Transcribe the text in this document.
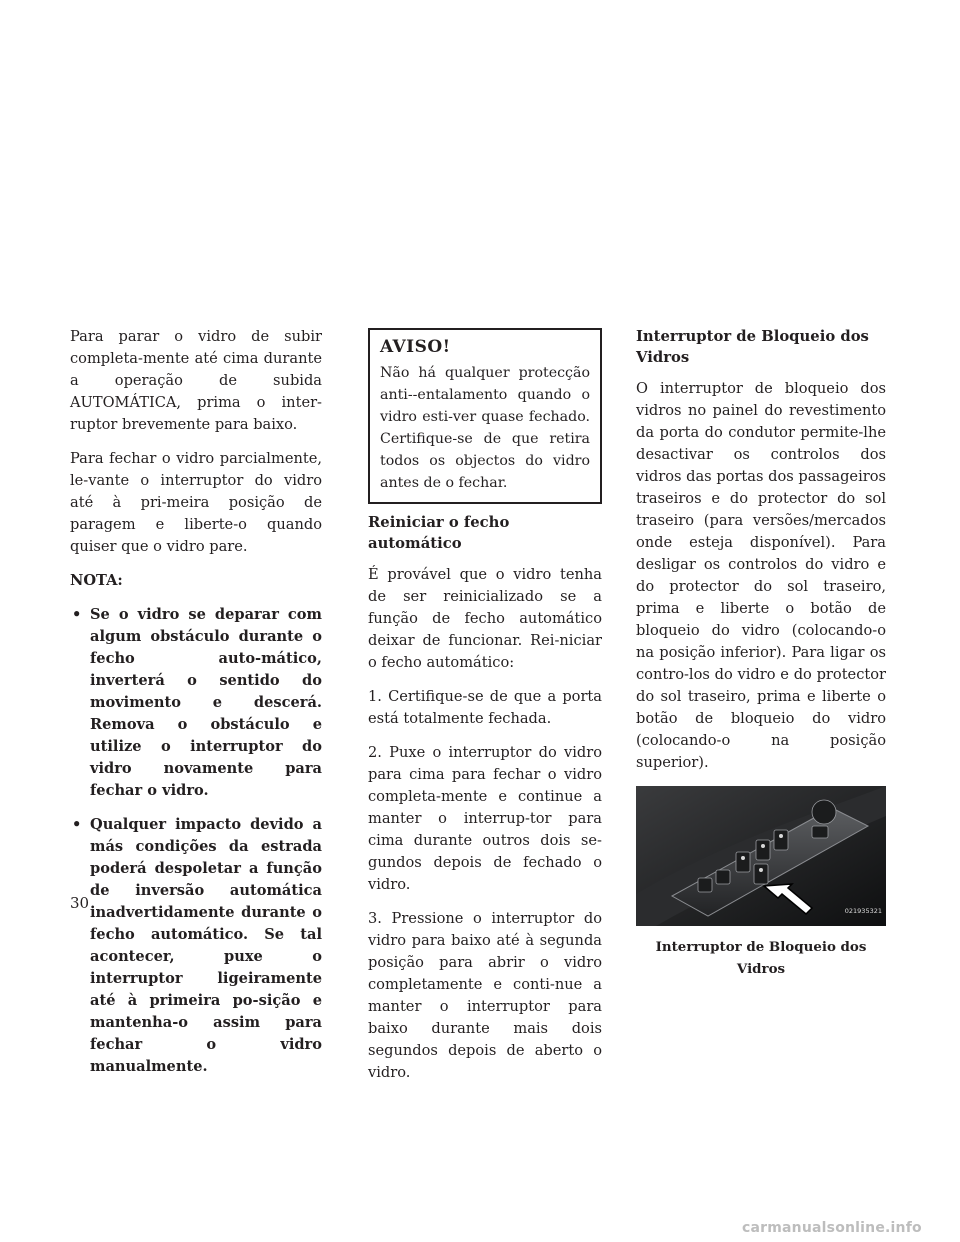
Para parar o vidro de subir completa-mente até cima durante a operação de subida AUTOMÁTICA, prima o inter-ruptor brevemente para baixo.

Para fechar o vidro parcialmente, le-vante o interruptor do vidro até à pri-meira posição de paragem e liberte-o quando quiser que o vidro pare.

NOTA:
• Se o vidro se deparar com algum obstáculo durante o fecho auto-mático, inverterá o sentido do movimento e descerá. Remova o obstáculo e utilize o interruptor do vidro novamente para fechar o vidro.
• Qualquer impacto devido a más condições da estrada poderá despoletar a função de inversão automática inadvertidamente durante o fecho automático. Se tal acontecer, puxe o interruptor ligeiramente até à primeira po-sição e mantenha-o assim para fechar o vidro manualmente.
AVISO!

Não há qualquer protecção anti--entalamento quando o vidro esti-ver quase fechado. Certifique-se de que retira todos os objectos do vidro antes de o fechar.

Reiniciar o fecho automático

É provável que o vidro tenha de ser reinicializado se a função de fecho automático deixar de funcionar. Rei-niciar o fecho automático:

1. Certifique-se de que a porta está totalmente fechada.

2. Puxe o interruptor do vidro para cima para fechar o vidro completa-mente e continue a manter o interrup-tor para cima durante outros dois se-gundos depois de fechado o vidro.

3. Pressione o interruptor do vidro para baixo até à segunda posição para abrir o vidro completamente e conti-nue a manter o interruptor para baixo durante mais dois segundos depois de aberto o vidro.

Interruptor de Bloqueio dos Vidros

O interruptor de bloqueio dos vidros no painel do revestimento da porta do condutor permite-lhe desactivar os controlos dos vidros das portas dos passageiros traseiros e do protector do sol traseiro (para versões/mercados onde esteja disponível). Para desligar os controlos do vidro e do protector do sol traseiro, prima e liberte o botão de bloqueio do vidro (colocando-o na posição inferior). Para ligar os contro-los do vidro e do protector do sol traseiro, prima e liberte o botão de bloqueio do vidro (colocando-o na posição superior).

021935321
Interruptor de Bloqueio dos Vidros
30
carmanualsonline.info
